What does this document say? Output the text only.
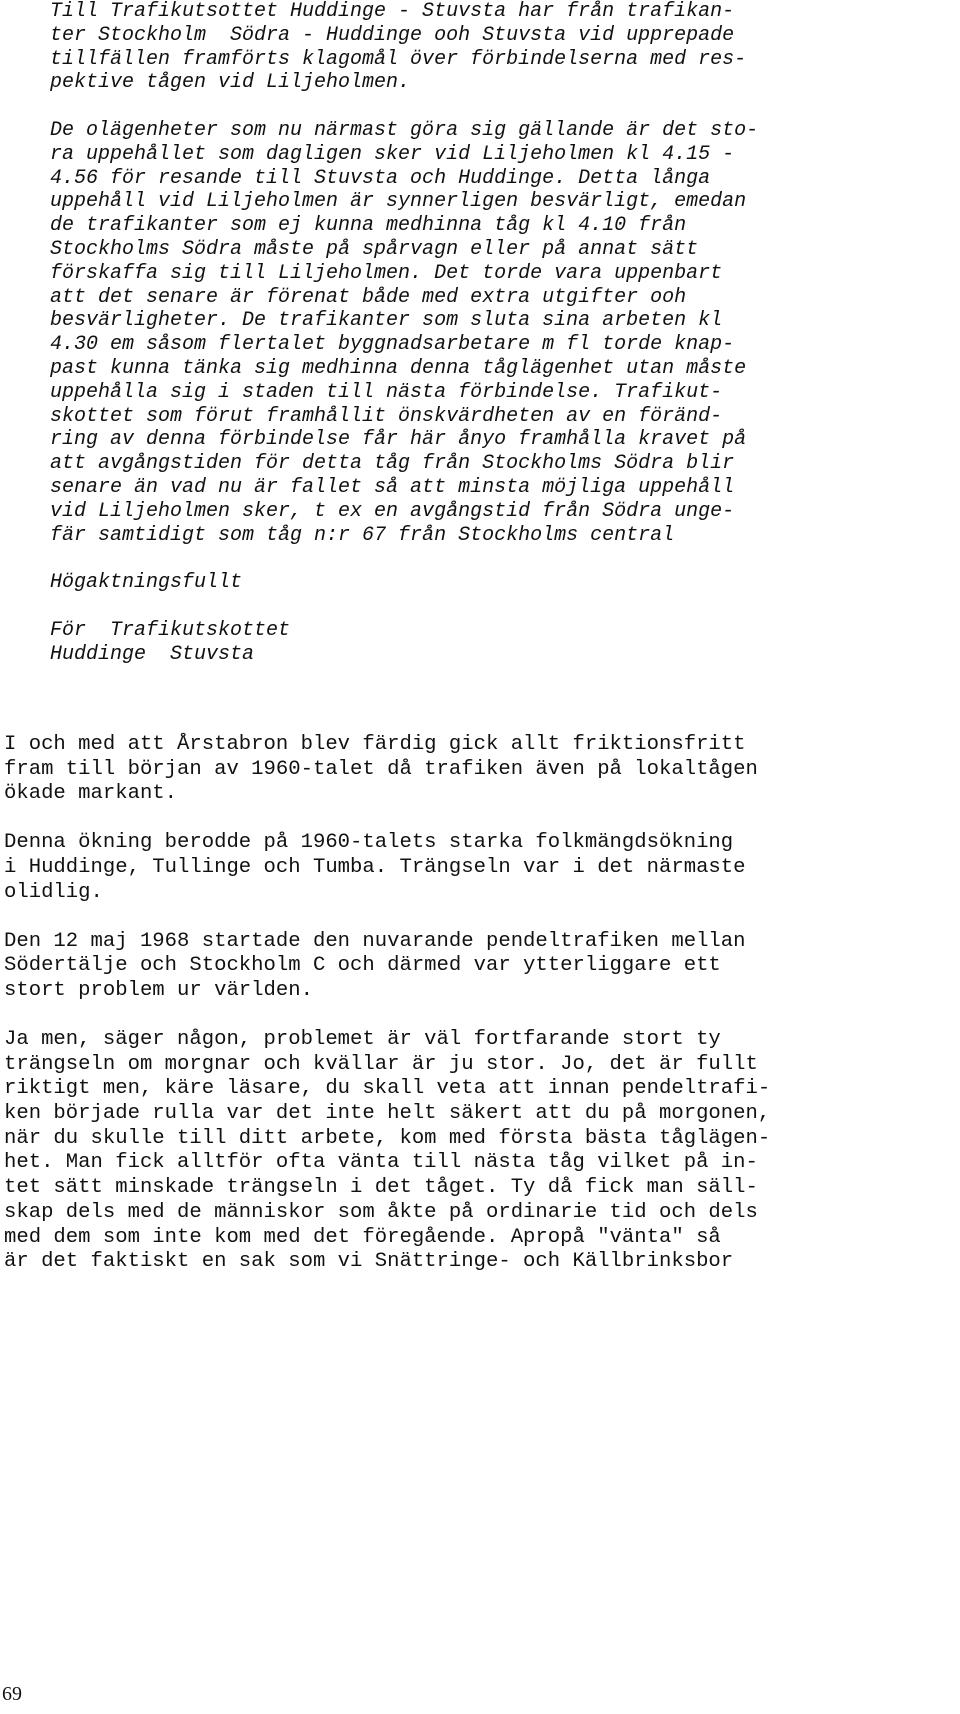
Till Trafikutsottet Huddinge - Stuvsta har från trafikan-
ter Stockholm  Södra - Huddinge ooh Stuvsta vid upprepade
tillfällen framförts klagomål över förbindelserna med res-
pektive tågen vid Liljeholmen.
De olägenheter som nu närmast göra sig gällande är det sto-
ra uppehållet som dagligen sker vid Liljeholmen kl 4.15 -
4.56 för resande till Stuvsta och Huddinge. Detta långa
uppehåll vid Liljeholmen är synnerligen besvärligt, emedan
de trafikanter som ej kunna medhinna tåg kl 4.10 från
Stockholms Södra måste på spårvagn eller på annat sätt
förskaffa sig till Liljeholmen. Det torde vara uppenbart
att det senare är förenat både med extra utgifter ooh
besvärligheter. De trafikanter som sluta sina arbeten kl
4.30 em såsom flertalet byggnadsarbetare m fl torde knap-
past kunna tänka sig medhinna denna tåglägenhet utan måste
uppehålla sig i staden till nästa förbindelse. Trafikut-
skottet som förut framhållit önskvärdheten av en föränd-
ring av denna förbindelse får här ånyo framhålla kravet på
att avgångstiden för detta tåg från Stockholms Södra blir
senare än vad nu är fallet så att minsta möjliga uppehåll
vid Liljeholmen sker, t ex en avgångstid från Södra unge-
fär samtidigt som tåg n:r 67 från Stockholms central
Högaktningsfullt
För  Trafikutskottet
Huddinge  Stuvsta
I och med att Årstabron blev färdig gick allt friktionsfritt
fram till början av 1960-talet då trafiken även på lokaltågen
ökade markant.
Denna ökning berodde på 1960-talets starka folkmängdsökning
i Huddinge, Tullinge och Tumba. Trängseln var i det närmaste
olidlig.
Den 12 maj 1968 startade den nuvarande pendeltrafiken mellan
Södertälje och Stockholm C och därmed var ytterliggare ett
stort problem ur världen.
Ja men, säger någon, problemet är väl fortfarande stort ty
trängseln om morgnar och kvällar är ju stor. Jo, det är fullt
riktigt men, käre läsare, du skall veta att innan pendeltrafi-
ken började rulla var det inte helt säkert att du på morgonen,
när du skulle till ditt arbete, kom med första bästa tåglägen-
het. Man fick alltför ofta vänta till nästa tåg vilket på in-
tet sätt minskade trängseln i det tåget. Ty då fick man säll-
skap dels med de människor som åkte på ordinarie tid och dels
med dem som inte kom med det föregående. Apropå "vänta" så
är det faktiskt en sak som vi Snättringe- och Källbrinksbor
69
